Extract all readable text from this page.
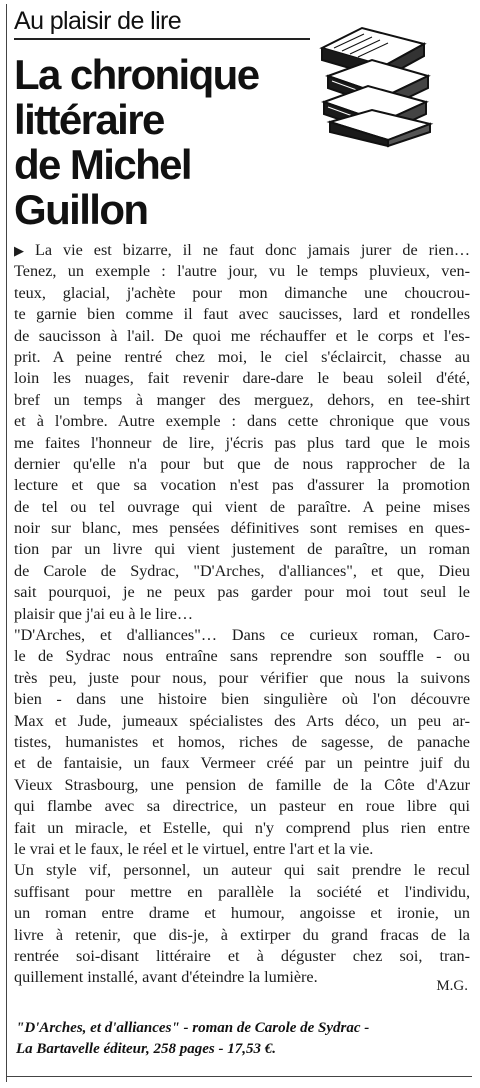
Au plaisir de lire
La chronique
littéraire
de Michel
Guillon
▶ La vie est bizarre, il ne faut donc jamais jurer de rien…
Tenez, un exemple : l'autre jour, vu le temps pluvieux, ven-
teux, glacial, j'achète pour mon dimanche une choucrou-
te garnie bien comme il faut avec saucisses, lard et rondelles
de saucisson à l'ail. De quoi me réchauffer et le corps et l'es-
prit. A peine rentré chez moi, le ciel s'éclaircit, chasse au
loin les nuages, fait revenir dare-dare le beau soleil d'été,
bref un temps à manger des merguez, dehors, en tee-shirt
et à l'ombre. Autre exemple : dans cette chronique que vous
me faites l'honneur de lire, j'écris pas plus tard que le mois
dernier qu'elle n'a pour but que de nous rapprocher de la
lecture et que sa vocation n'est pas d'assurer la promotion
de tel ou tel ouvrage qui vient de paraître. A peine mises
noir sur blanc, mes pensées définitives sont remises en ques-
tion par un livre qui vient justement de paraître, un roman
de Carole de Sydrac, "D'Arches, d'alliances", et que, Dieu
sait pourquoi, je ne peux pas garder pour moi tout seul le
plaisir que j'ai eu à le lire…
"D'Arches, et d'alliances"… Dans ce curieux roman, Caro-
le de Sydrac nous entraîne sans reprendre son souffle - ou
très peu, juste pour nous, pour vérifier que nous la suivons
bien - dans une histoire bien singulière où l'on découvre
Max et Jude, jumeaux spécialistes des Arts déco, un peu ar-
tistes, humanistes et homos, riches de sagesse, de panache
et de fantaisie, un faux Vermeer créé par un peintre juif du
Vieux Strasbourg, une pension de famille de la Côte d'Azur
qui flambe avec sa directrice, un pasteur en roue libre qui
fait un miracle, et Estelle, qui n'y comprend plus rien entre
le vrai et le faux, le réel et le virtuel, entre l'art et la vie.
Un style vif, personnel, un auteur qui sait prendre le recul
suffisant pour mettre en parallèle la société et l'individu,
un roman entre drame et humour, angoisse et ironie, un
livre à retenir, que dis-je, à extirper du grand fracas de la
rentrée soi-disant littéraire et à déguster chez soi, tran-
quillement installé, avant d'éteindre la lumière.	M.G.
"D'Arches, et d'alliances" - roman de Carole de Sydrac -
La Bartavelle éditeur, 258 pages - 17,53 €.
